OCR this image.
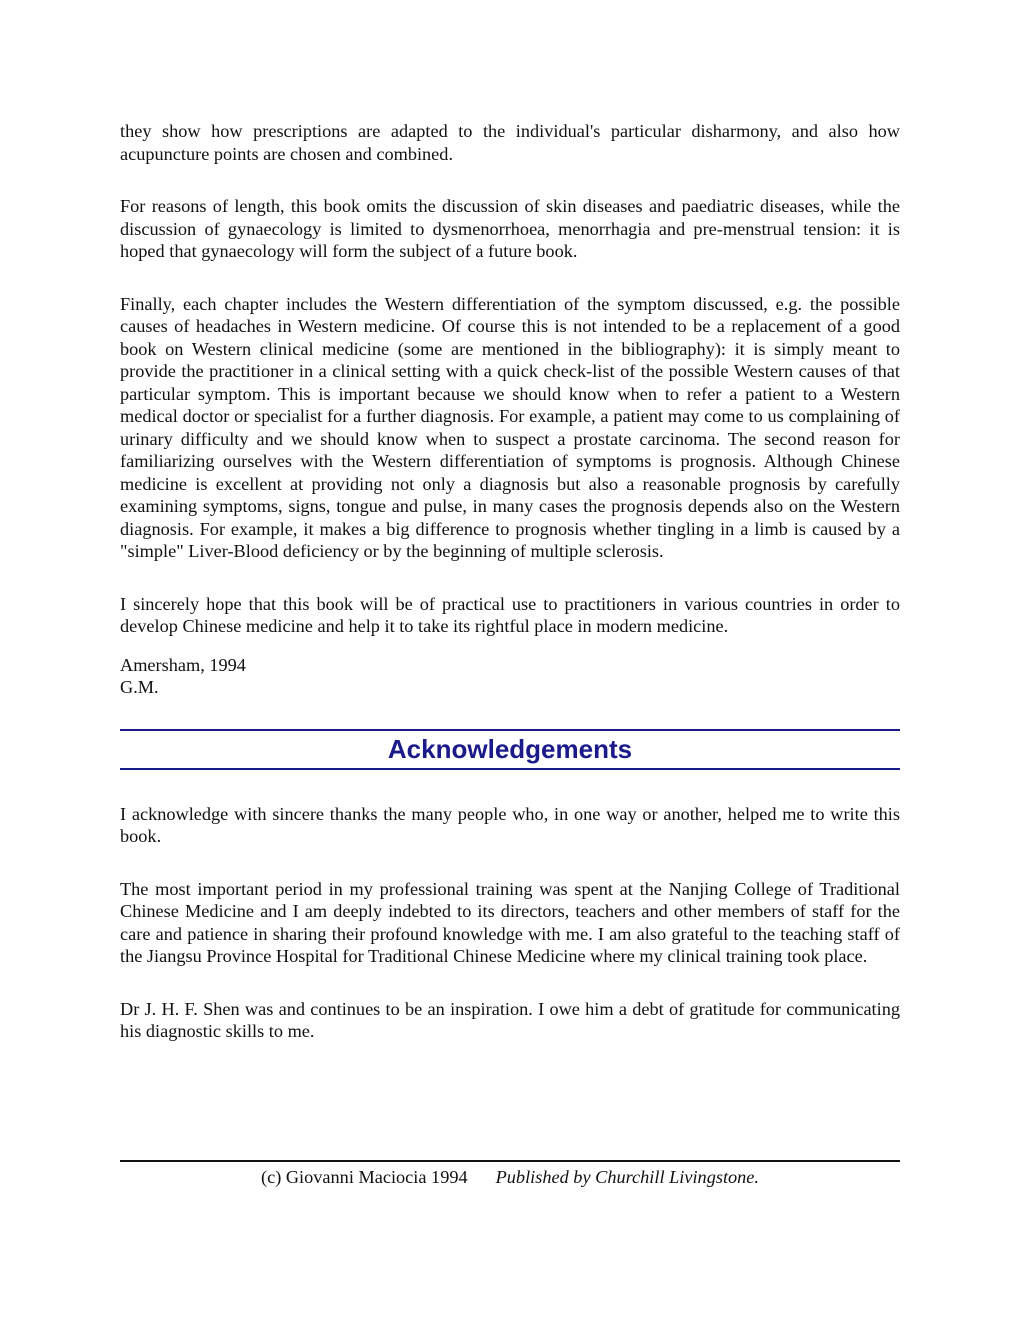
they show how prescriptions are adapted to the individual's particular disharmony, and also how acupuncture points are chosen and combined.

For reasons of length, this book omits the discussion of skin diseases and paediatric diseases, while the discussion of gynaecology is limited to dysmenorrhoea, menorrhagia and pre-menstrual tension: it is hoped that gynaecology will form the subject of a future book.

Finally, each chapter includes the Western differentiation of the symptom discussed, e.g. the possible causes of headaches in Western medicine. Of course this is not intended to be a replacement of a good book on Western clinical medicine (some are mentioned in the bibliography): it is simply meant to provide the practitioner in a clinical setting with a quick check-list of the possible Western causes of that particular symptom. This is important because we should know when to refer a patient to a Western medical doctor or specialist for a further diagnosis. For example, a patient may come to us complaining of urinary difficulty and we should know when to suspect a prostate carcinoma. The second reason for familiarizing ourselves with the Western differentiation of symptoms is prognosis. Although Chinese medicine is excellent at providing not only a diagnosis but also a reasonable prognosis by carefully examining symptoms, signs, tongue and pulse, in many cases the prognosis depends also on the Western diagnosis. For example, it makes a big difference to prognosis whether tingling in a limb is caused by a "simple" Liver-Blood deficiency or by the beginning of multiple sclerosis.

I sincerely hope that this book will be of practical use to practitioners in various countries in order to develop Chinese medicine and help it to take its rightful place in modern medicine.

Amersham, 1994
G.M.
Acknowledgements

I acknowledge with sincere thanks the many people who, in one way or another, helped me to write this book.

The most important period in my professional training was spent at the Nanjing College of Traditional Chinese Medicine and I am deeply indebted to its directors, teachers and other members of staff for the care and patience in sharing their profound knowledge with me. I am also grateful to the teaching staff of the Jiangsu Province Hospital for Traditional Chinese Medicine where my clinical training took place.

Dr J. H. F. Shen was and continues to be an inspiration. I owe him a debt of gratitude for communicating his diagnostic skills to me.

(c) Giovanni Maciocia 1994 Published by Churchill Livingstone.
